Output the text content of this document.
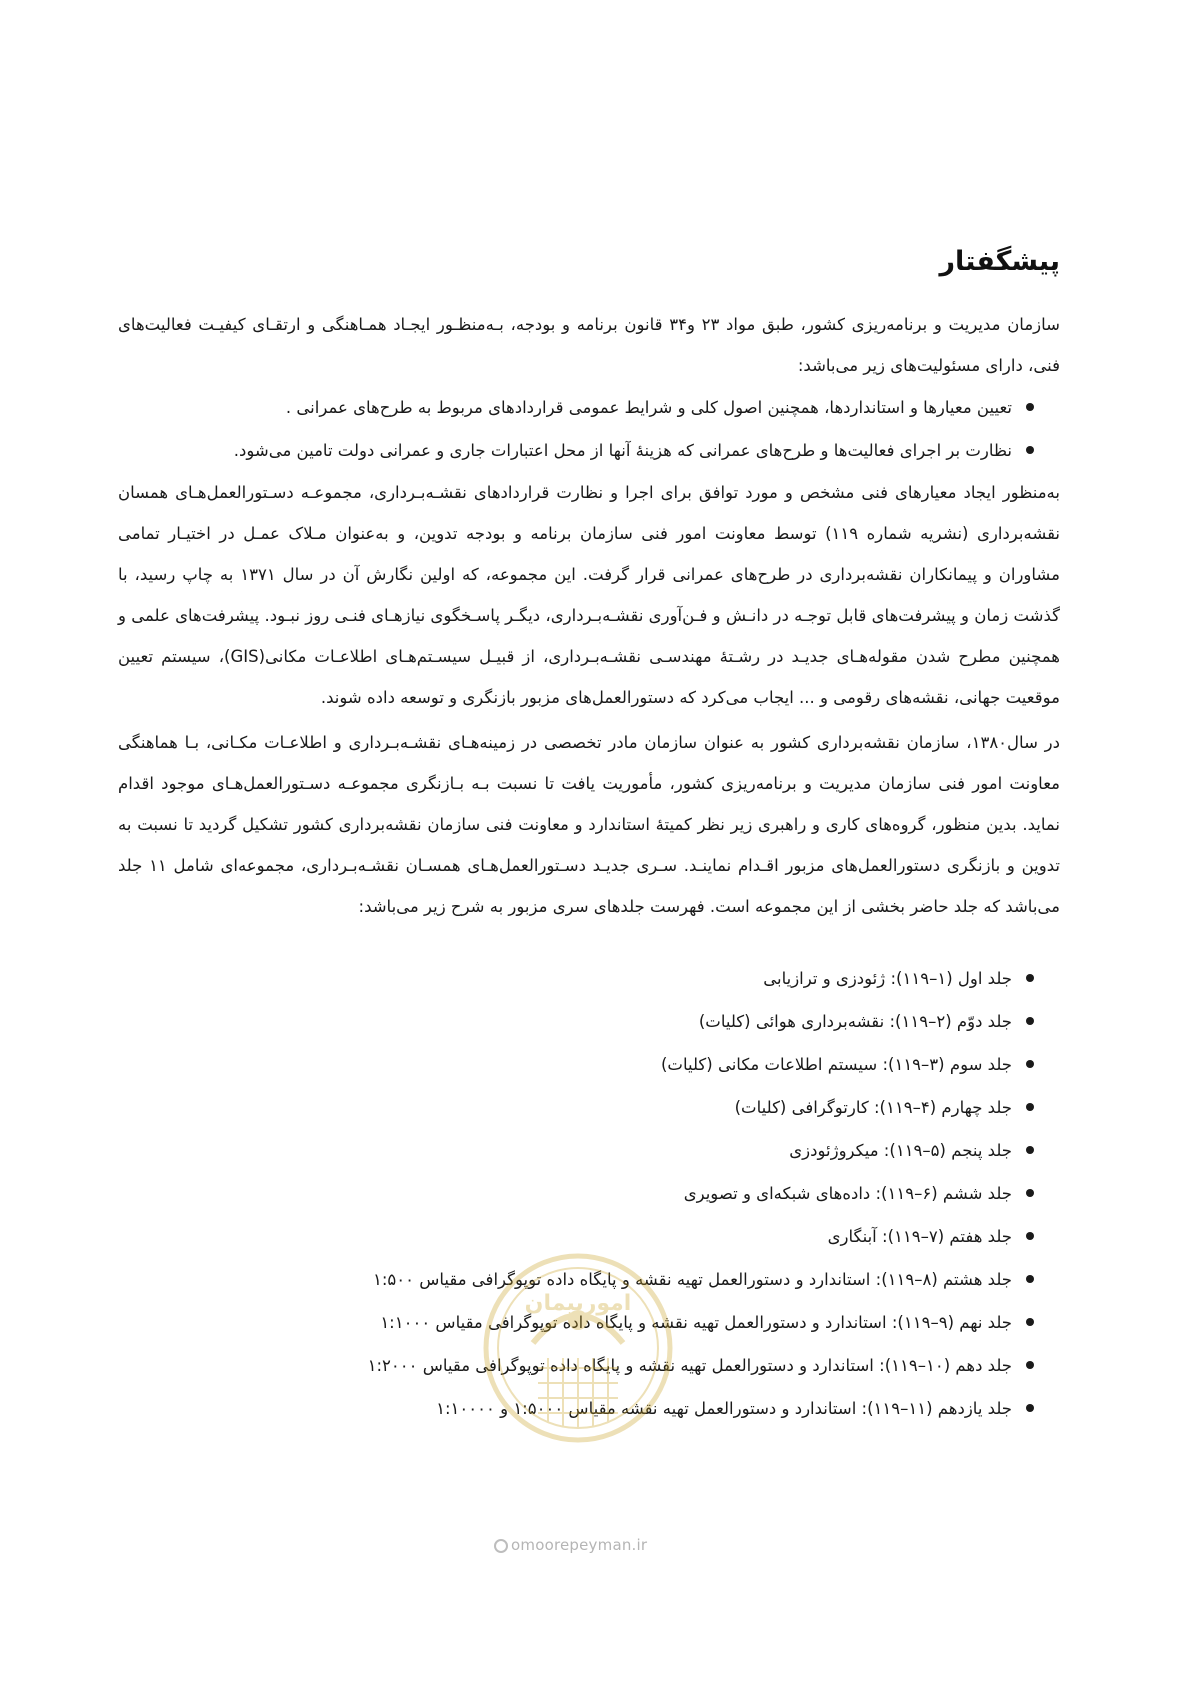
پیشگفتار

سازمان مدیریت و برنامه‌ریزی کشور، طبق مواد ۲۳ و۳۴ قانون برنامه و بودجه، بـه‌منظـور ایجـاد همـاهنگی و ارتقـای کیفیـت فعالیت‌های فنی، دارای مسئولیت‌های زیر می‌باشد:

تعیین معیارها و استانداردها، همچنین اصول کلی و شرایط عمومی قراردادهای مربوط به طرح‌های عمرانی .
نظارت بر اجرای فعالیت‌ها و طرح‌های عمرانی که هزینۀ آنها از محل اعتبارات جاری و عمرانی دولت تامین می‌شود.

به‌منظور ایجاد معیارهای فنی مشخص و مورد توافق برای اجرا و نظارت قراردادهای نقشـه‌بـرداری، مجموعـه دسـتورالعمل‌هـای همسان نقشه‌برداری (نشریه شماره ۱۱۹) توسط معاونت امور فنی سازمان برنامه و بودجه تدوین، و به‌عنوان مـلاک عمـل در اختیـار تمامی مشاوران و پیمانکاران نقشه‌برداری در طرح‌های عمرانی قرار گرفت. این مجموعه، که اولین نگارش آن در سال ۱۳۷۱ به چاپ رسید، با گذشت زمان و پیشرفت‌های قابل توجـه در دانـش و فـن‌آوری نقشـه‌بـرداری، دیگـر پاسـخگوی نیازهـای فنـی روز نبـود. پیشرفت‌های علمی و همچنین مطرح شدن مقوله‌هـای جدیـد در رشـتۀ مهندسـی نقشـه‌بـرداری، از قبیـل سیسـتم‌هـای اطلاعـات مکانی(GIS)، سیستم تعیین موقعیت جهانی، نقشه‌های رقومی و ... ایجاب می‌کرد که دستورالعمل‌های مزبور بازنگری و توسعه داده شوند.

در سال۱۳۸۰، سازمان نقشه‌برداری کشور به عنوان سازمان مادر تخصصی در زمینه‌هـای نقشـه‌بـرداری و اطلاعـات مکـانی، بـا هماهنگی معاونت امور فنی سازمان مدیریت و برنامه‌ریزی کشور، مأموریت یافت تا نسبت بـه بـازنگری مجموعـه دسـتورالعمل‌هـای موجود اقدام نماید. بدین منظور، گروه‌های کاری و راهبری زیر نظر کمیتۀ استاندارد و معاونت فنی سازمان نقشه‌برداری کشور تشکیل گردید تا نسبت به تدوین و بازنگری دستورالعمل‌های مزبور اقـدام نماینـد. سـری جدیـد دسـتورالعمل‌هـای همسـان نقشـه‌بـرداری، مجموعه‌ای شامل ۱۱ جلد می‌باشد که جلد حاضر بخشی از این مجموعه است. فهرست جلدهای سری مزبور به شرح زیر می‌باشد:

جلد اول (۱–۱۱۹): ژئودزی و ترازیابی
جلد دوّم (۲–۱۱۹): نقشه‌برداری هوائی (کلیات)
جلد سوم (۳–۱۱۹): سیستم اطلاعات مکانی (کلیات)
جلد چهارم (۴–۱۱۹): کارتوگرافی (کلیات)
جلد پنجم (۵–۱۱۹): میکروژئودزی
جلد ششم (۶–۱۱۹): داده‌های شبکه‌ای و تصویری
جلد هفتم (۷–۱۱۹): آبنگاری
جلد هشتم (۸–۱۱۹): استاندارد و دستورالعمل تهیه نقشه و پایگاه داده توپوگرافی مقیاس ۱:۵۰۰
جلد نهم (۹–۱۱۹): استاندارد و دستورالعمل تهیه نقشه و پایگاه داده توپوگرافی مقیاس ۱:۱۰۰۰
جلد دهم (۱۰–۱۱۹): استاندارد و دستورالعمل تهیه نقشه و پایگاه داده توپوگرافی مقیاس ۱:۲۰۰۰
جلد یازدهم (۱۱–۱۱۹): استاندارد و دستورالعمل تهیه نقشه مقیاس ۱:۵۰۰۰ و ۱:۱۰۰۰۰
امورپیمان
omoorepeyman.ir
